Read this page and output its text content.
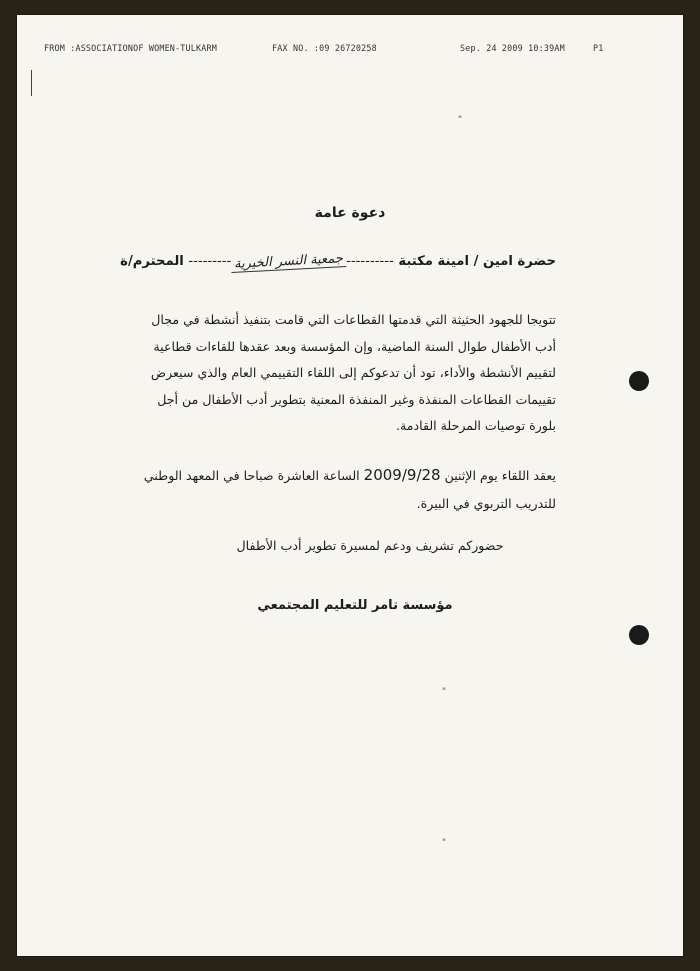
FROM :ASSOCIATIONOF WOMEN-TULKARM	FAX NO. :09 26720258	Sep. 24 2009 10:39AM	P1
"
"
"
دعوة عامة
حضرة امين / امينة مكتبة ----------جمعية النسر الخيرية--------- المحترم/ة
تتويجا للجهود الحثيثة التي قدمتها القطاعات التي قامت بتنفيذ أنشطة في مجال
أدب الأطفال طوال السنة الماضية، وإن المؤسسة وبعد عقدها للقاءات قطاعية
لتقييم الأنشطة والأداء، تود أن تدعوكم إلى اللقاء التقييمي العام والذي سيعرض
تقييمات القطاعات المنفذة وغير المنفذة المعنية بتطوير أدب الأطفال من أجل
بلورة توصيات المرحلة القادمة.
يعقد اللقاء يوم الإثنين 2009/9/28 الساعة العاشرة صباحا في المعهد الوطني
للتدريب التربوي في البيرة.
حضوركم تشريف ودعم لمسيرة تطوير أدب الأطفال
مؤسسة تامر للتعليم المجتمعي
